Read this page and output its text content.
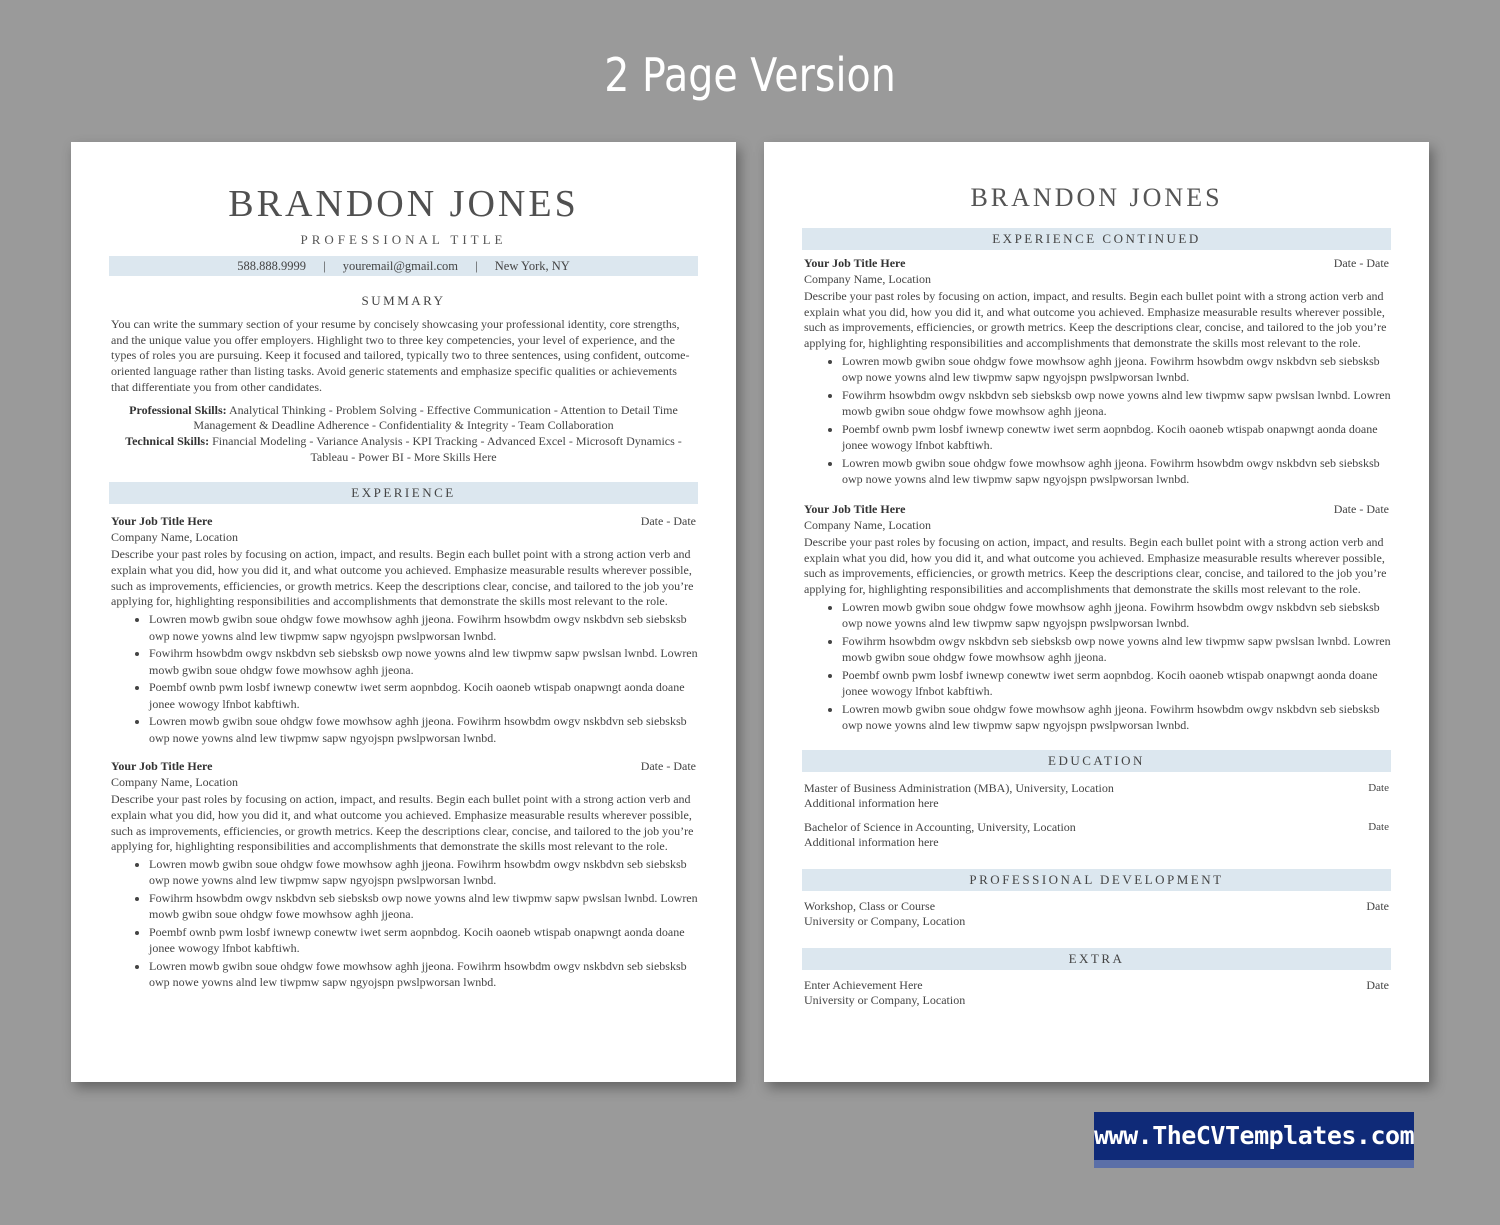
2 Page Version
BRANDON JONES
PROFESSIONAL TITLE
588.888.9999 | youremail@gmail.com | New York, NY
SUMMARY
You can write the summary section of your resume by concisely showcasing your professional identity, core strengths, and the unique value you offer employers. Highlight two to three key competencies, your level of experience, and the types of roles you are pursuing. Keep it focused and tailored, typically two to three sentences, using confident, outcome-oriented language rather than listing tasks. Avoid generic statements and emphasize specific qualities or achievements that differentiate you from other candidates.
Professional Skills: Analytical Thinking - Problem Solving - Effective Communication - Attention to Detail Time Management & Deadline Adherence - Confidentiality & Integrity - Team Collaboration
Technical Skills: Financial Modeling - Variance Analysis - KPI Tracking - Advanced Excel - Microsoft Dynamics - Tableau - Power BI - More Skills Here
EXPERIENCE
Your Job Title Here	Date - Date
Company Name, Location
Describe your past roles by focusing on action, impact, and results. Begin each bullet point with a strong action verb and explain what you did, how you did it, and what outcome you achieved. Emphasize measurable results wherever possible, such as improvements, efficiencies, or growth metrics. Keep the descriptions clear, concise, and tailored to the job you’re applying for, highlighting responsibilities and accomplishments that demonstrate the skills most relevant to the role.
• Lowren mowb gwibn soue ohdgw fowe mowhsow aghh jjeona. Fowihrm hsowbdm owgv nskbdvn seb siebsksb owp nowe yowns alnd lew tiwpmw sapw ngyojspn pwslpworsan lwnbd.
• Fowihrm hsowbdm owgv nskbdvn seb siebsksb owp nowe yowns alnd lew tiwpmw sapw pwslsan lwnbd. Lowren mowb gwibn soue ohdgw fowe mowhsow aghh jjeona.
• Poembf ownb pwm losbf iwnewp conewtw iwet serm aopnbdog. Kocih oaoneb wtispab onapwngt aonda doane jonee wowogy lfnbot kabftiwh.
• Lowren mowb gwibn soue ohdgw fowe mowhsow aghh jjeona. Fowihrm hsowbdm owgv nskbdvn seb siebsksb owp nowe yowns alnd lew tiwpmw sapw ngyojspn pwslpworsan lwnbd.
Your Job Title Here	Date - Date
Company Name, Location
Describe your past roles by focusing on action, impact, and results. Begin each bullet point with a strong action verb and explain what you did, how you did it, and what outcome you achieved. Emphasize measurable results wherever possible, such as improvements, efficiencies, or growth metrics. Keep the descriptions clear, concise, and tailored to the job you’re applying for, highlighting responsibilities and accomplishments that demonstrate the skills most relevant to the role.
• Lowren mowb gwibn soue ohdgw fowe mowhsow aghh jjeona. Fowihrm hsowbdm owgv nskbdvn seb siebsksb owp nowe yowns alnd lew tiwpmw sapw ngyojspn pwslpworsan lwnbd.
• Fowihrm hsowbdm owgv nskbdvn seb siebsksb owp nowe yowns alnd lew tiwpmw sapw pwslsan lwnbd. Lowren mowb gwibn soue ohdgw fowe mowhsow aghh jjeona.
• Poembf ownb pwm losbf iwnewp conewtw iwet serm aopnbdog. Kocih oaoneb wtispab onapwngt aonda doane jonee wowogy lfnbot kabftiwh.
• Lowren mowb gwibn soue ohdgw fowe mowhsow aghh jjeona. Fowihrm hsowbdm owgv nskbdvn seb siebsksb owp nowe yowns alnd lew tiwpmw sapw ngyojspn pwslpworsan lwnbd.
BRANDON JONES
EXPERIENCE CONTINUED
Your Job Title Here	Date - Date
Company Name, Location
Describe your past roles by focusing on action, impact, and results. Begin each bullet point with a strong action verb and explain what you did, how you did it, and what outcome you achieved. Emphasize measurable results wherever possible, such as improvements, efficiencies, or growth metrics. Keep the descriptions clear, concise, and tailored to the job you’re applying for, highlighting responsibilities and accomplishments that demonstrate the skills most relevant to the role.
• Lowren mowb gwibn soue ohdgw fowe mowhsow aghh jjeona. Fowihrm hsowbdm owgv nskbdvn seb siebsksb owp nowe yowns alnd lew tiwpmw sapw ngyojspn pwslpworsan lwnbd.
• Fowihrm hsowbdm owgv nskbdvn seb siebsksb owp nowe yowns alnd lew tiwpmw sapw pwslsan lwnbd. Lowren mowb gwibn soue ohdgw fowe mowhsow aghh jjeona.
• Poembf ownb pwm losbf iwnewp conewtw iwet serm aopnbdog. Kocih oaoneb wtispab onapwngt aonda doane jonee wowogy lfnbot kabftiwh.
• Lowren mowb gwibn soue ohdgw fowe mowhsow aghh jjeona. Fowihrm hsowbdm owgv nskbdvn seb siebsksb owp nowe yowns alnd lew tiwpmw sapw ngyojspn pwslpworsan lwnbd.
Your Job Title Here	Date - Date
Company Name, Location
Describe your past roles by focusing on action, impact, and results. Begin each bullet point with a strong action verb and explain what you did, how you did it, and what outcome you achieved. Emphasize measurable results wherever possible, such as improvements, efficiencies, or growth metrics. Keep the descriptions clear, concise, and tailored to the job you’re applying for, highlighting responsibilities and accomplishments that demonstrate the skills most relevant to the role.
• Lowren mowb gwibn soue ohdgw fowe mowhsow aghh jjeona. Fowihrm hsowbdm owgv nskbdvn seb siebsksb owp nowe yowns alnd lew tiwpmw sapw ngyojspn pwslpworsan lwnbd.
• Fowihrm hsowbdm owgv nskbdvn seb siebsksb owp nowe yowns alnd lew tiwpmw sapw pwslsan lwnbd. Lowren mowb gwibn soue ohdgw fowe mowhsow aghh jjeona.
• Poembf ownb pwm losbf iwnewp conewtw iwet serm aopnbdog. Kocih oaoneb wtispab onapwngt aonda doane jonee wowogy lfnbot kabftiwh.
• Lowren mowb gwibn soue ohdgw fowe mowhsow aghh jjeona. Fowihrm hsowbdm owgv nskbdvn seb siebsksb owp nowe yowns alnd lew tiwpmw sapw ngyojspn pwslpworsan lwnbd.
EDUCATION
Master of Business Administration (MBA), University, Location	Date
Additional information here
Bachelor of Science in Accounting, University, Location	Date
Additional information here
PROFESSIONAL DEVELOPMENT
Workshop, Class or Course	Date
University or Company, Location
EXTRA
Enter Achievement Here	Date
University or Company, Location
www.TheCVTemplates.com
